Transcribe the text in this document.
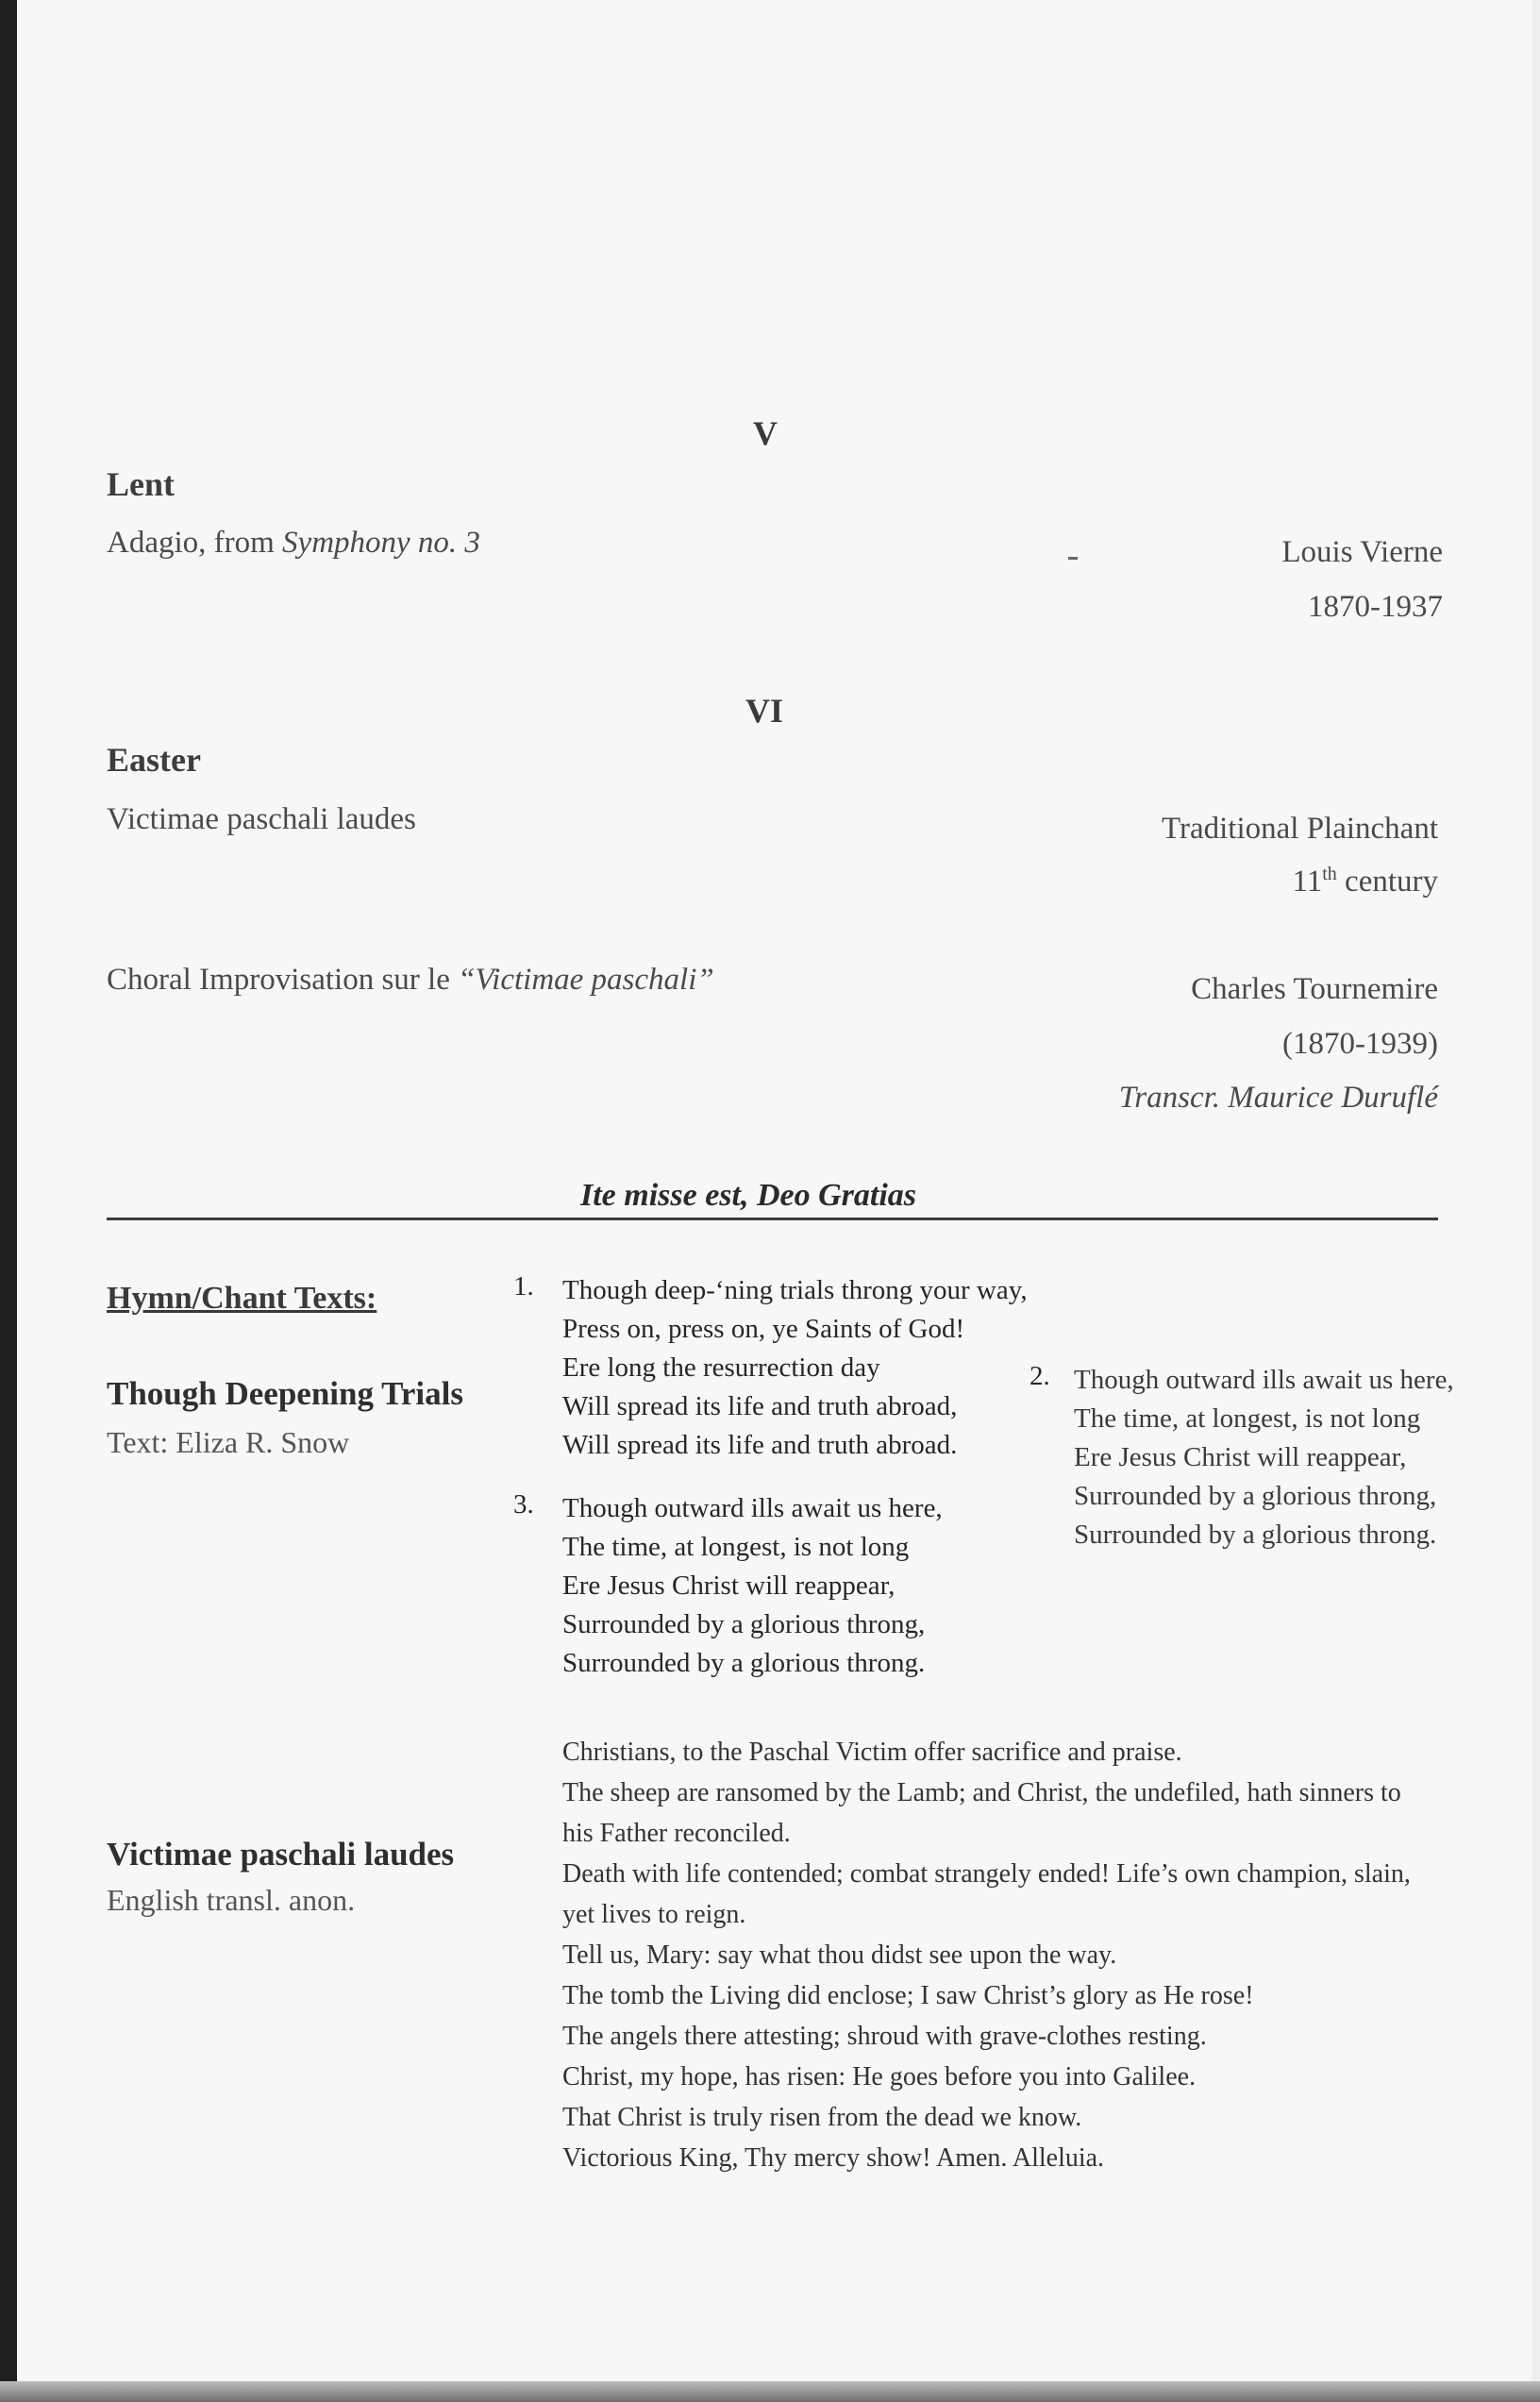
V
Lent
Adagio, from Symphony no. 3	Louis Vierne
1870-1937
VI
Easter
Victimae paschali laudes	Traditional Plainchant
11th century
Choral Improvisation sur le “Victimae paschali”	Charles Tournemire
(1870-1939)
Transcr. Maurice Duruflé
Ite misse est, Deo Gratias
Hymn/Chant Texts:
Though Deepening Trials
Text: Eliza R. Snow
1. Though deep-‘ning trials throng your way,
Press on, press on, ye Saints of God!
Ere long the resurrection day
Will spread its life and truth abroad,
Will spread its life and truth abroad.
2. Though outward ills await us here,
The time, at longest, is not long
Ere Jesus Christ will reappear,
Surrounded by a glorious throng,
Surrounded by a glorious throng.
3. Though outward ills await us here,
The time, at longest, is not long
Ere Jesus Christ will reappear,
Surrounded by a glorious throng,
Surrounded by a glorious throng.
Victimae paschali laudes
English transl. anon.
Christians, to the Paschal Victim offer sacrifice and praise.
The sheep are ransomed by the Lamb; and Christ, the undefiled, hath sinners to
his Father reconciled.
Death with life contended; combat strangely ended! Life’s own champion, slain,
yet lives to reign.
Tell us, Mary: say what thou didst see upon the way.
The tomb the Living did enclose; I saw Christ’s glory as He rose!
The angels there attesting; shroud with grave-clothes resting.
Christ, my hope, has risen: He goes before you into Galilee.
That Christ is truly risen from the dead we know.
Victorious King, Thy mercy show! Amen. Alleluia.
